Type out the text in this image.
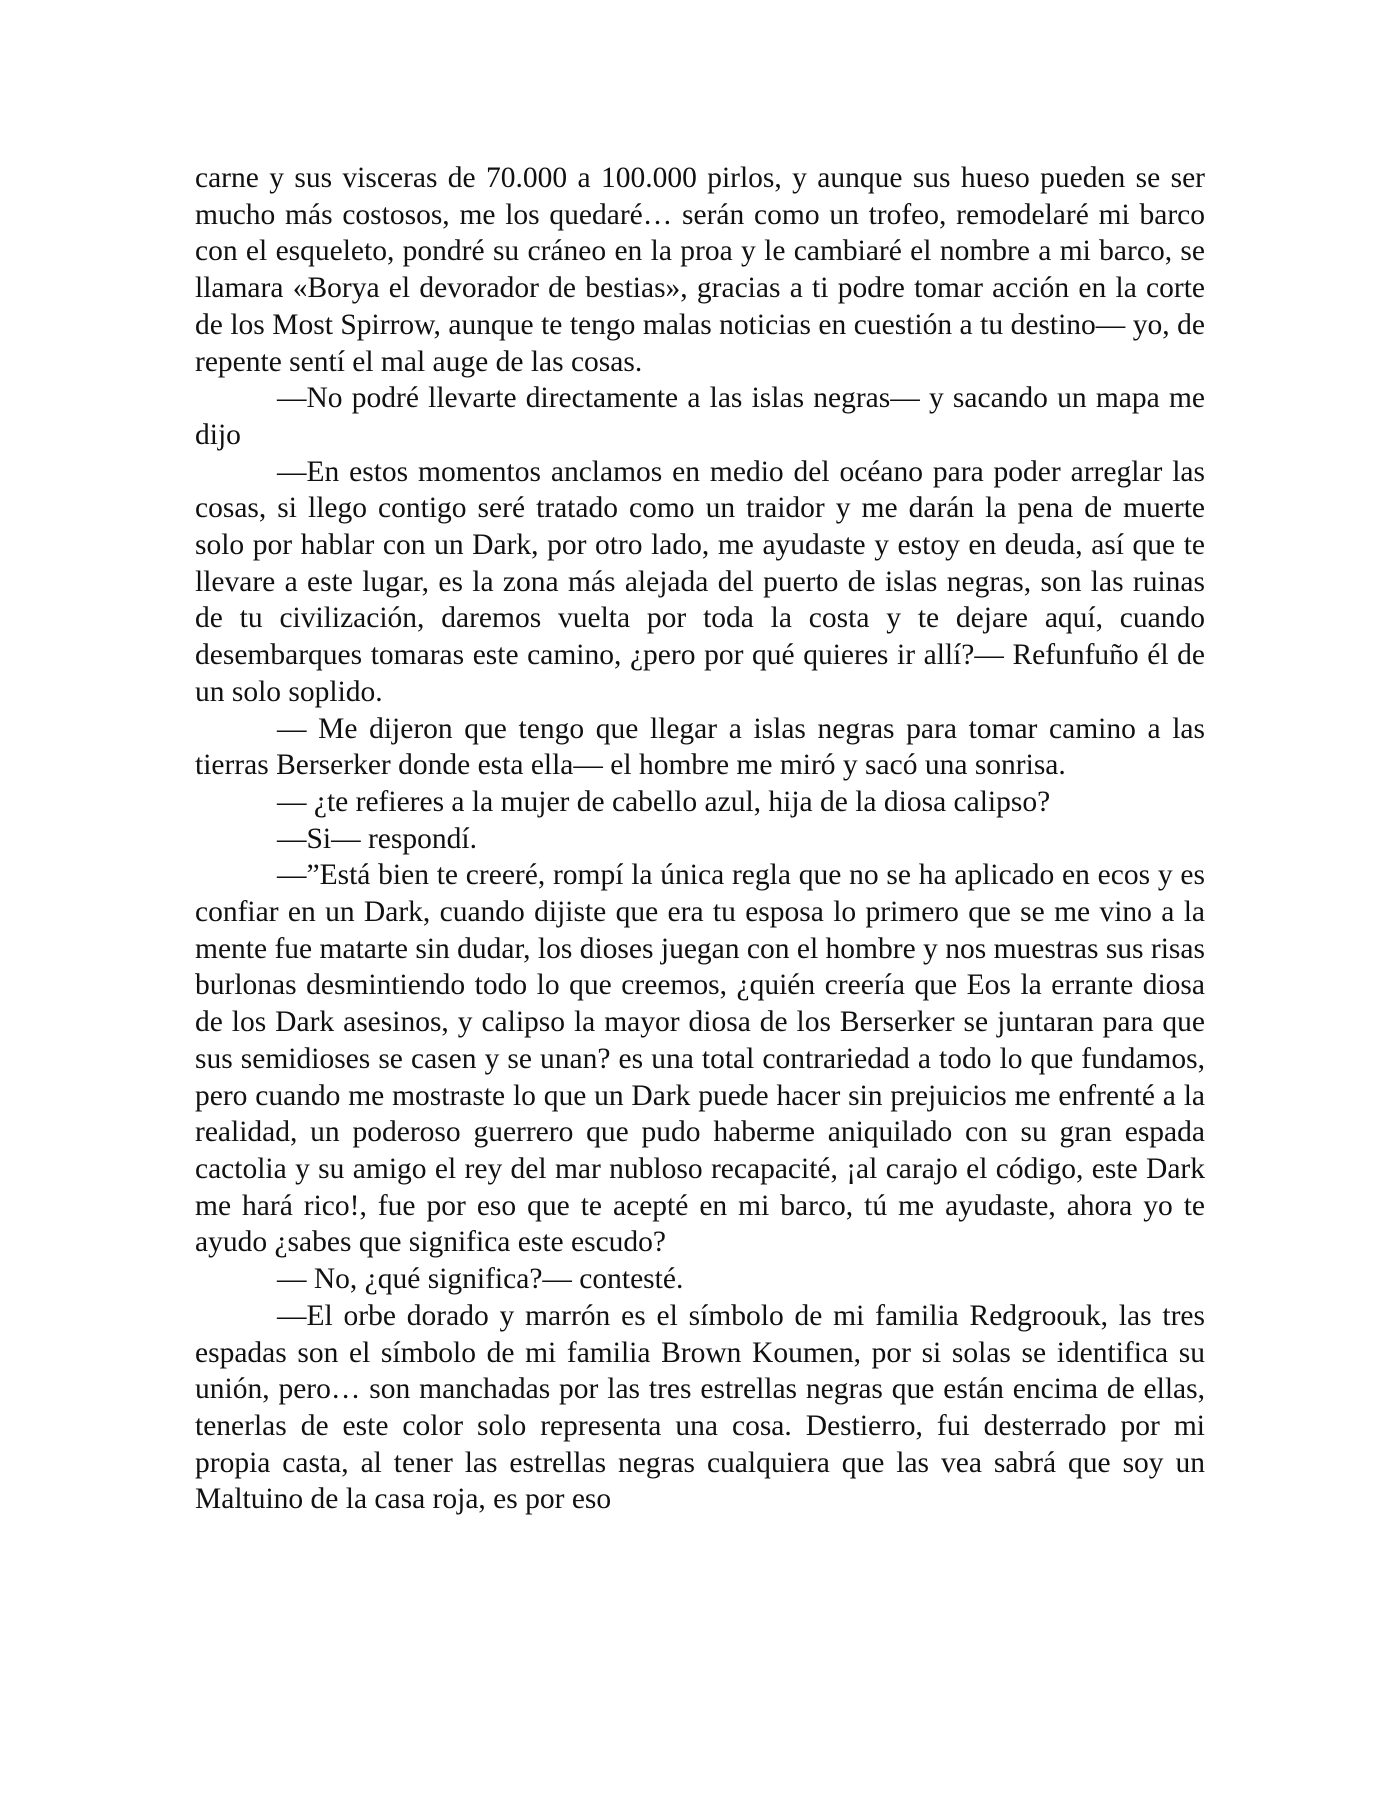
carne y sus visceras de 70.000 a 100.000 pirlos, y aunque sus hueso pueden se ser mucho más costosos, me los quedaré… serán como un trofeo, remodelaré mi barco con el esqueleto, pondré su cráneo en la proa y le cambiaré el nombre a mi barco, se llamara «Borya el devorador de bestias», gracias a ti podre tomar acción en la corte de los Most Spirrow, aunque te tengo malas noticias en cuestión a tu destino— yo, de repente sentí el mal auge de las cosas.

—No podré llevarte directamente a las islas negras— y sacando un mapa me dijo

—En estos momentos anclamos en medio del océano para poder arreglar las cosas, si llego contigo seré tratado como un traidor y me darán la pena de muerte solo por hablar con un Dark, por otro lado, me ayudaste y estoy en deuda, así que te llevare a este lugar, es la zona más alejada del puerto de islas negras, son las ruinas de tu civilización, daremos vuelta por toda la costa y te dejare aquí, cuando desembarques tomaras este camino, ¿pero por qué quieres ir allí?— Refunfuño él de un solo soplido.

— Me dijeron que tengo que llegar a islas negras para tomar camino a las tierras Berserker donde esta ella— el hombre me miró y sacó una sonrisa.

— ¿te refieres a la mujer de cabello azul, hija de la diosa calipso?

—Si— respondí.

—”Está bien te creeré, rompí la única regla que no se ha aplicado en ecos y es confiar en un Dark, cuando dijiste que era tu esposa lo primero que se me vino a la mente fue matarte sin dudar, los dioses juegan con el hombre y nos muestras sus risas burlonas desmintiendo todo lo que creemos, ¿quién creería que Eos la errante diosa de los Dark asesinos, y calipso la mayor diosa de los Berserker se juntaran para que sus semidioses se casen y se unan? es una total contrariedad a todo lo que fundamos, pero cuando me mostraste lo que un Dark puede hacer sin prejuicios me enfrenté a la realidad, un poderoso guerrero que pudo haberme aniquilado con su gran espada cactolia y su amigo el rey del mar nubloso recapacité, ¡al carajo el código, este Dark me hará rico!, fue por eso que te acepté en mi barco, tú me ayudaste, ahora yo te ayudo ¿sabes que significa este escudo?

— No, ¿qué significa?— contesté.

—El orbe dorado y marrón es el símbolo de mi familia Redgroouk, las tres espadas son el símbolo de mi familia Brown Koumen, por si solas se identifica su unión, pero… son manchadas por las tres estrellas negras que están encima de ellas, tenerlas de este color solo representa una cosa. Destierro, fui desterrado por mi propia casta, al tener las estrellas negras cualquiera que las vea sabrá que soy un Maltuino de la casa roja, es por eso
